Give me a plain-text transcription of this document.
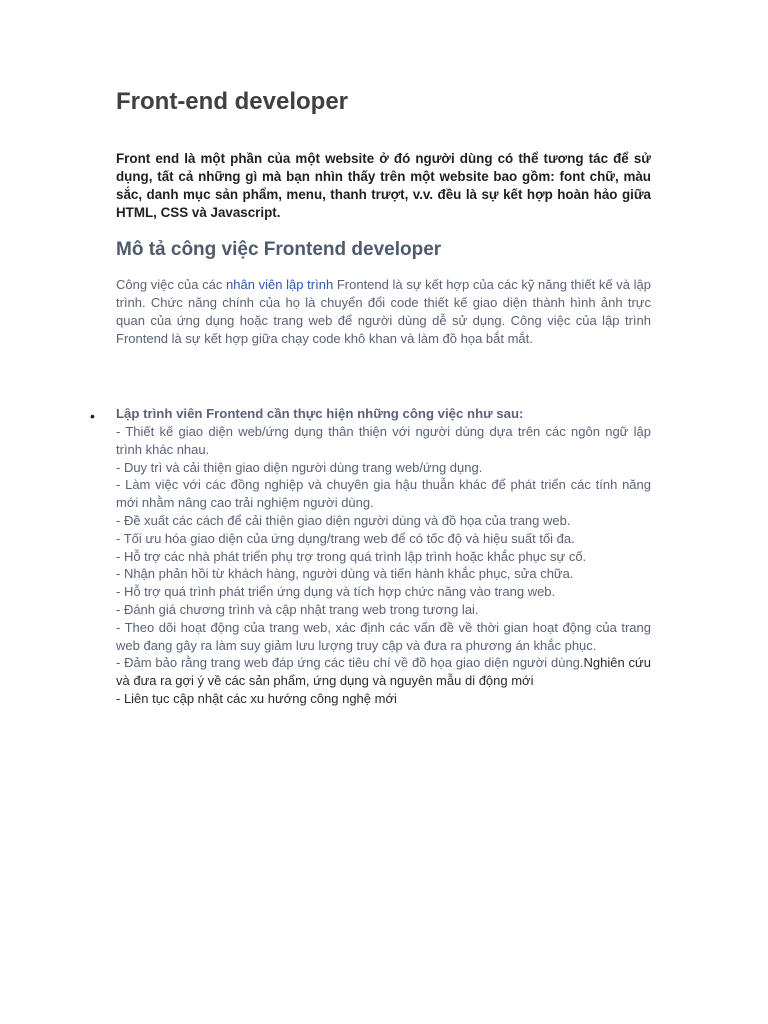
Front-end developer

Front end là một phần của một website ở đó người dùng có thể tương tác để sử dụng, tất cả những gì mà bạn nhìn thấy trên một website bao gồm: font chữ, màu sắc, danh mục sản phẩm, menu, thanh trượt, v.v. đều là sự kết hợp hoàn hảo giữa HTML, CSS và Javascript.

Mô tả công việc Frontend developer

Công việc của các nhân viên lập trình Frontend là sự kết hợp của các kỹ năng thiết kế và lập trình. Chức năng chính của họ là chuyển đổi code thiết kế giao diện thành hình ảnh trực quan của ứng dụng hoặc trang web để người dùng dễ sử dụng. Công việc của lập trình Frontend là sự kết hợp giữa chạy code khô khan và làm đồ họa bắt mắt.

• Lập trình viên Frontend cần thực hiện những công việc như sau:

- Thiết kế giao diện web/ứng dụng thân thiện với người dùng dựa trên các ngôn ngữ lập trình khác nhau.
- Duy trì và cải thiện giao diện người dùng trang web/ứng dụng.
- Làm việc với các đồng nghiệp và chuyên gia hậu thuẫn khác để phát triển các tính năng mới nhằm nâng cao trải nghiệm người dùng.
- Đề xuất các cách để cải thiện giao diện người dùng và đồ họa của trang web.
- Tối ưu hóa giao diện của ứng dụng/trang web để có tốc độ và hiệu suất tối đa.
- Hỗ trợ các nhà phát triển phụ trợ trong quá trình lập trình hoặc khắc phục sự cố.
- Nhận phản hồi từ khách hàng, người dùng và tiến hành khắc phục, sửa chữa.
- Hỗ trợ quá trình phát triển ứng dụng và tích hợp chức năng vào trang web.
- Đánh giá chương trình và cập nhật trang web trong tương lai.
- Theo dõi hoạt động của trang web, xác định các vấn đề về thời gian hoạt động của trang web đang gây ra làm suy giảm lưu lượng truy cập và đưa ra phương án khắc phục.
- Đảm bảo rằng trang web đáp ứng các tiêu chí về đồ họa giao diện người dùng.Nghiên cứu và đưa ra gợi ý về các sản phẩm, ứng dụng và nguyên mẫu di động mới
- Liên tục cập nhật các xu hướng công nghệ mới
